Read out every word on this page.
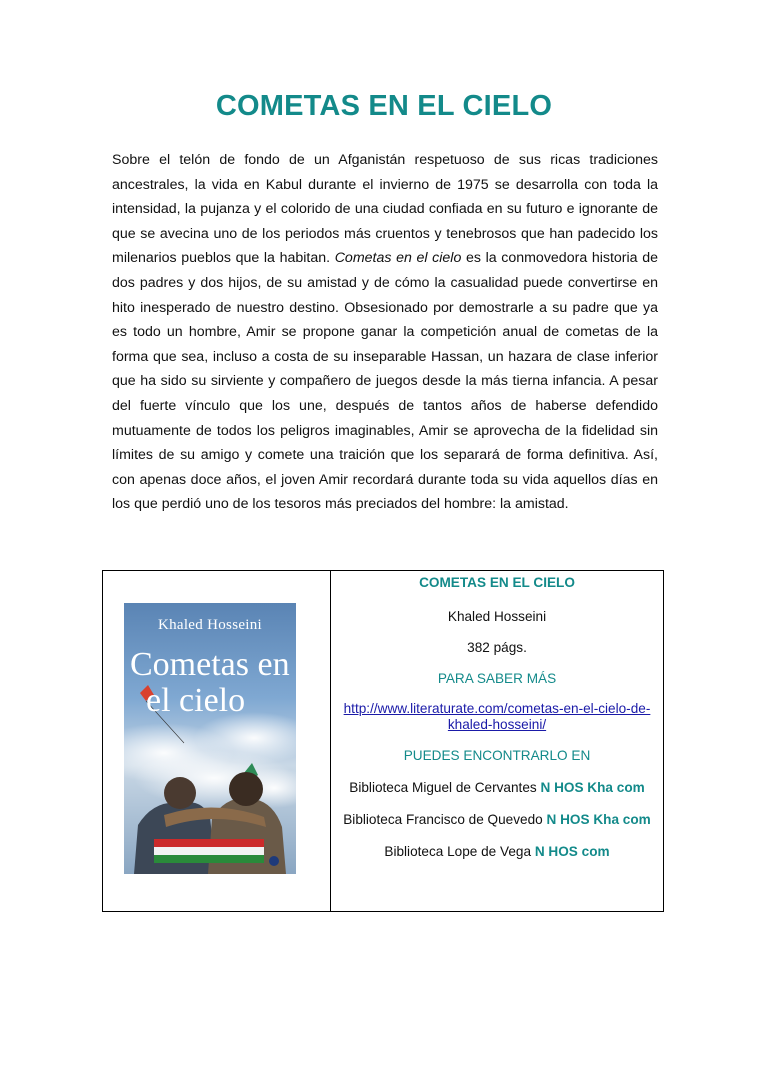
COMETAS EN EL CIELO

Sobre el telón de fondo de un Afganistán respetuoso de sus ricas tradiciones ancestrales, la vida en Kabul durante el invierno de 1975 se desarrolla con toda la intensidad, la pujanza y el colorido de una ciudad confiada en su futuro e ignorante de que se avecina uno de los periodos más cruentos y tenebrosos que han padecido los milenarios pueblos que la habitan. Cometas en el cielo es la conmovedora historia de dos padres y dos hijos, de su amistad y de cómo la casualidad puede convertirse en hito inesperado de nuestro destino. Obsesionado por demostrarle a su padre que ya es todo un hombre, Amir se propone ganar la competición anual de cometas de la forma que sea, incluso a costa de su inseparable Hassan, un hazara de clase inferior que ha sido su sirviente y compañero de juegos desde la más tierna infancia. A pesar del fuerte vínculo que los une, después de tantos años de haberse defendido mutuamente de todos los peligros imaginables, Amir se aprovecha de la fidelidad sin límites de su amigo y comete una traición que los separará de forma definitiva. Así, con apenas doce años, el joven Amir recordará durante toda su vida aquellos días en los que perdió uno de los tesoros más preciados del hombre: la amistad.

Khaled Hosseini
Cometas en
el cielo

COMETAS EN EL CIELO

Khaled Hosseini

382 págs.

PARA SABER MÁS

http://www.literaturate.com/cometas-en-el-cielo-de-
khaled-hosseini/

PUEDES ENCONTRARLO EN

Biblioteca Miguel de Cervantes N HOS Kha com

Biblioteca Francisco de Quevedo N HOS Kha com

Biblioteca Lope de Vega N HOS com
